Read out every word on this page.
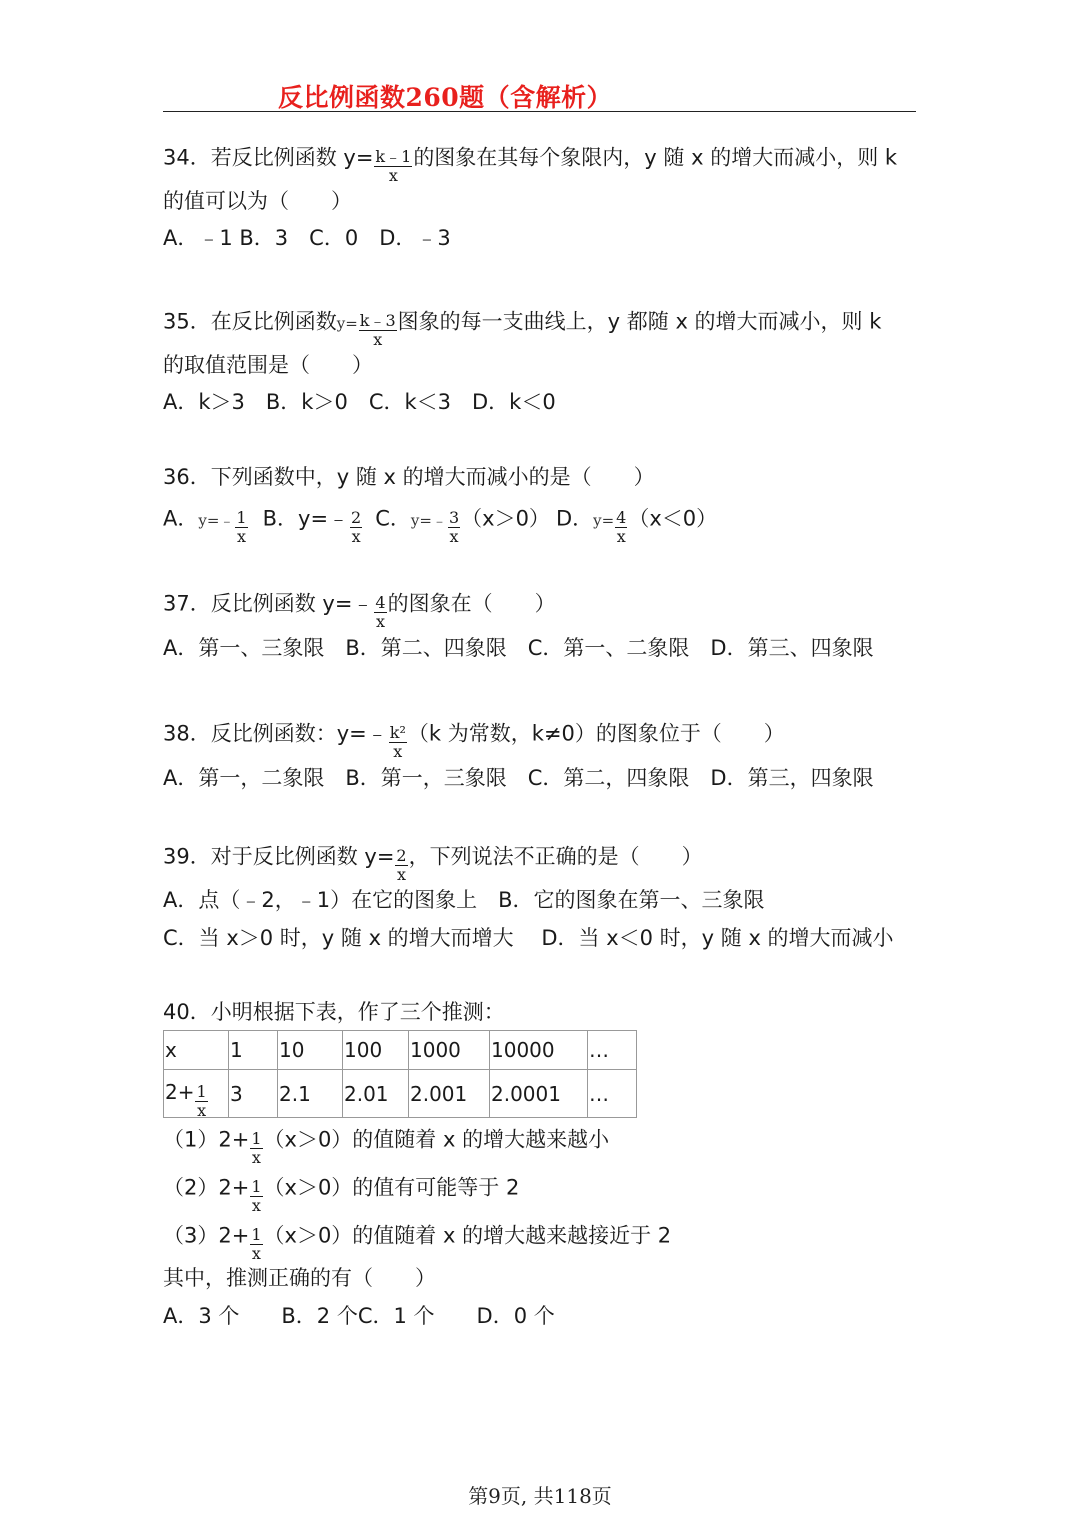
反比例函数260题（含解析）
34．若反比例函数 $y= \frac{k﹣1}{x}$ 的图象在其每个象限内，y 随 x 的增大而减小，则 k
的值可以为（　　）
A．﹣1 B．3　C．0　D．﹣3
35．在反比例函数$y= \frac{k﹣3}{x}$ 图象的每一支曲线上，y 都随 x 的增大而减小，则 k
的取值范围是（　　）
A．k＞3　B．k＞0　C．k＜3　D．k＜0
36．下列函数中，y 随 x 的增大而减小的是（　　）
A．y=﹣ $\frac{1}{x}$ B．y=﹣ $\frac{2}{x}$ C．y=﹣ $\frac{3}{x} (x>0)$ D．$y= \frac{4}{x} (x<0)$
37．反比例函数 y=﹣ $\frac{4}{x}$ 的图象在（　　）
A．第一、三象限　B．第二、四象限　C．第一、二象限　D．第三、四象限
38．反比例函数：y=﹣ $\frac{\text{k²}}{x} (k$ 为常数，k≠0）的图象位于（　　）
A．第一，二象限　B．第一，三象限　C．第二，四象限　D．第三，四象限
39．对于反比例函数 $y= \frac{2}{x}$ ，下列说法不正确的是（　　）
A．点（﹣2，﹣1）在它的图象上　B．它的图象在第一、三象限
C．当 x＞0 时，y 随 x 的增大而增大　 D．当 x＜0 时，y 随 x 的增大而减小
40．小明根据下表，作了三个推测：
x	1	10	100	1000	10000	…
$2+ \frac{1}{x}$	3	2.1	2.01	2.001	2.0001	…
$(1)2+ \frac{1}{x} (x>0)$的值随着 x 的增大越来越小
$(2)2+ \frac{1}{x} (x>0)$的值有可能等于 2
$(3)2+ \frac{1}{x} (x>0)$的值随着 x 的增大越来越接近于 2
其中，推测正确的有（　　）
A．3 个　　B．2 个C．1 个　　D．0 个
第9页, 共118页
